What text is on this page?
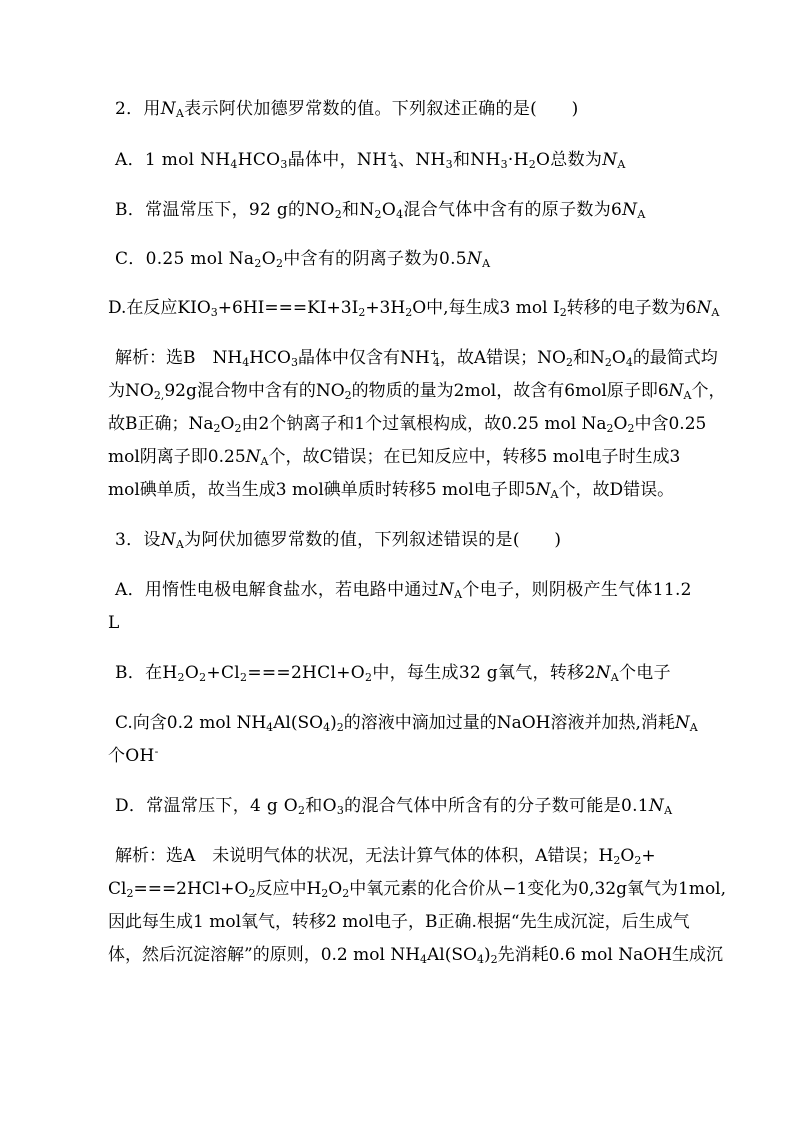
2．用$N_A$表示阿伏加德罗常数的值。下列叙述正确的是(　　)
A．1 mol $NH_4HCO_3$晶体中，$NH^+_4$、$NH_3$和$NH_3\cdot H_2O$总数为$N_A$
B．常温常压下，92 g的$NO_2$和$N_2O_4$混合气体中含有的原子数为$6N_A$
C．0.25 mol $Na_2O_2$中含有的阴离子数为$0.5N_A$
D.在反应$KIO_3+6HI===KI+3I_2+3H_2O$中,每生成3 mol $I_2$转移的电子数为$6N_A$
解析：选B　$NH_4HCO_3$晶体中仅含有$NH^+_4$，故A错误；$NO_2$和$N_2O_4$的最简式均
为$NO_{2,}92g$混合物中含有的$NO_2$的物质的量为2mol，故含有6mol原子即$6N_A$个，
故B正确；$Na_2O_2$由2个钠离子和1个过氧根构成，故0.25 mol $Na_2O_2$中含0.25
mol阴离子即$0.25N_A$个，故C错误；在已知反应中，转移5 mol电子时生成3
mol碘单质，故当生成3 mol碘单质时转移5 mol电子即$5N_A$个，故D错误。
3．设$N_A$为阿伏加德罗常数的值，下列叙述错误的是(　　)
A．用惰性电极电解食盐水，若电路中通过$N_A$个电子，则阴极产生气体11.2
L
B．在$H_2O_2+Cl_2===2HCl+O_2$中，每生成32 g氧气，转移$2N_A$个电子
C.向含0.2 mol $NH_4Al(SO_4)_2$的溶液中滴加过量的NaOH溶液并加热,消耗$N_A$
个OH-
D．常温常压下，4 g $O_2$和$O_3$的混合气体中所含有的分子数可能是$0.1N_A$
解析：选A　未说明气体的状况，无法计算气体的体积，A错误；$H_2O_2+$
$Cl_2===2HCl+O_2$反应中$H_2O_2$中氧元素的化合价从−1变化为0,32g氧气为1mol,
因此每生成1 mol氧气，转移2 mol电子，B正确.根据“先生成沉淀，后生成气
体，然后沉淀溶解”的原则，0.2 mol $NH_4Al(SO_4)_2$先消耗0.6 mol NaOH生成沉
